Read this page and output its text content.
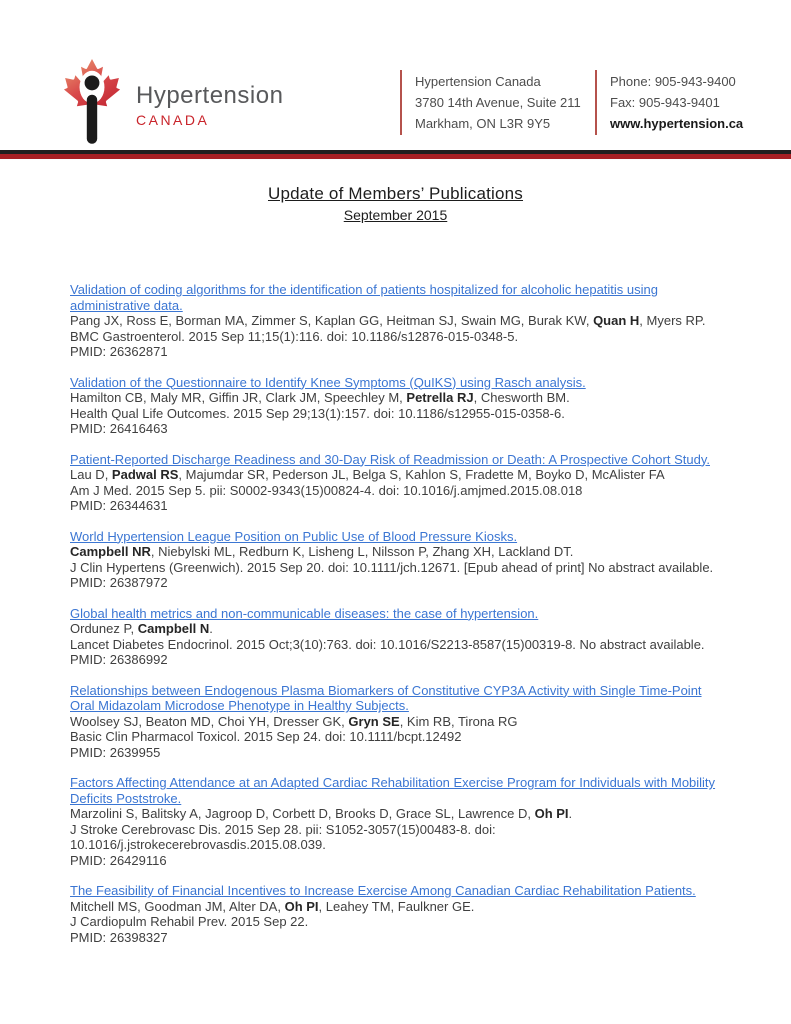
Hypertension
CANADA
Hypertension Canada
3780 14th Avenue, Suite 211
Markham, ON L3R 9Y5
Phone: 905-943-9400
Fax: 905-943-9401
www.hypertension.ca
Update of Members’ Publications
September 2015
Validation of coding algorithms for the identification of patients hospitalized for alcoholic hepatitis using administrative data.
Pang JX, Ross E, Borman MA, Zimmer S, Kaplan GG, Heitman SJ, Swain MG, Burak KW, Quan H, Myers RP.
BMC Gastroenterol. 2015 Sep 11;15(1):116. doi: 10.1186/s12876-015-0348-5.
PMID: 26362871
Validation of the Questionnaire to Identify Knee Symptoms (QuIKS) using Rasch analysis.
Hamilton CB, Maly MR, Giffin JR, Clark JM, Speechley M, Petrella RJ, Chesworth BM.
Health Qual Life Outcomes. 2015 Sep 29;13(1):157. doi: 10.1186/s12955-015-0358-6.
PMID: 26416463
Patient-Reported Discharge Readiness and 30-Day Risk of Readmission or Death: A Prospective Cohort Study.
Lau D, Padwal RS, Majumdar SR, Pederson JL, Belga S, Kahlon S, Fradette M, Boyko D, McAlister FA
Am J Med. 2015 Sep 5. pii: S0002-9343(15)00824-4. doi: 10.1016/j.amjmed.2015.08.018
PMID: 26344631
World Hypertension League Position on Public Use of Blood Pressure Kiosks.
Campbell NR, Niebylski ML, Redburn K, Lisheng L, Nilsson P, Zhang XH, Lackland DT.
J Clin Hypertens (Greenwich). 2015 Sep 20. doi: 10.1111/jch.12671. [Epub ahead of print] No abstract available.
PMID: 26387972
Global health metrics and non-communicable diseases: the case of hypertension.
Ordunez P, Campbell N.
Lancet Diabetes Endocrinol. 2015 Oct;3(10):763. doi: 10.1016/S2213-8587(15)00319-8. No abstract available.
PMID: 26386992
Relationships between Endogenous Plasma Biomarkers of Constitutive CYP3A Activity with Single Time-Point Oral Midazolam Microdose Phenotype in Healthy Subjects.
Woolsey SJ, Beaton MD, Choi YH, Dresser GK, Gryn SE, Kim RB, Tirona RG
Basic Clin Pharmacol Toxicol. 2015 Sep 24. doi: 10.1111/bcpt.12492
PMID: 2639955
Factors Affecting Attendance at an Adapted Cardiac Rehabilitation Exercise Program for Individuals with Mobility Deficits Poststroke.
Marzolini S, Balitsky A, Jagroop D, Corbett D, Brooks D, Grace SL, Lawrence D, Oh PI.
J Stroke Cerebrovasc Dis. 2015 Sep 28. pii: S1052-3057(15)00483-8. doi: 10.1016/j.jstrokecerebrovasdis.2015.08.039.
PMID: 26429116
The Feasibility of Financial Incentives to Increase Exercise Among Canadian Cardiac Rehabilitation Patients.
Mitchell MS, Goodman JM, Alter DA, Oh PI, Leahey TM, Faulkner GE.
J Cardiopulm Rehabil Prev. 2015 Sep 22.
PMID: 26398327
